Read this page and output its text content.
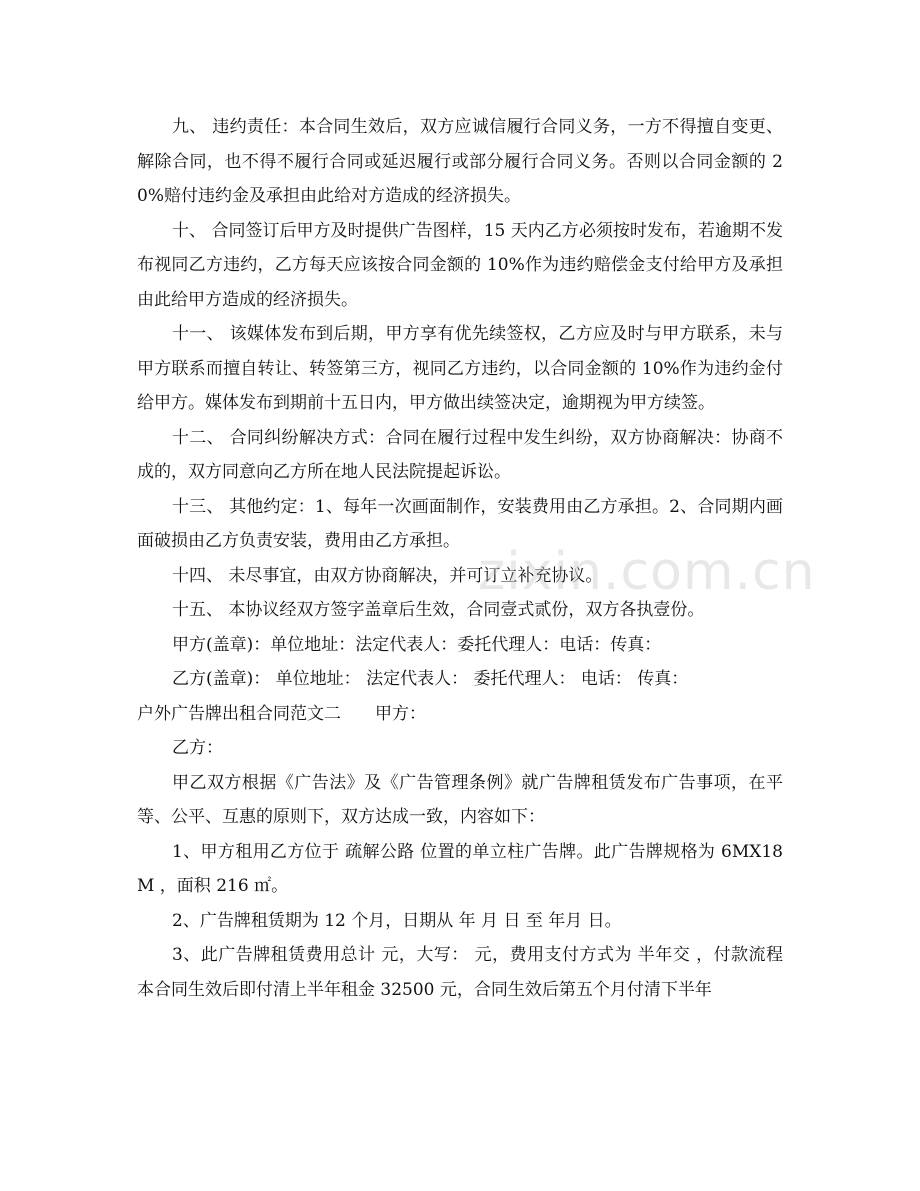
九、 违约责任：本合同生效后，双方应诚信履行合同义务，一方不得擅自变更、解除合同，也不得不履行合同或延迟履行或部分履行合同义务。否则以合同金额的 20%赔付违约金及承担由此给对方造成的经济损失。

十、 合同签订后甲方及时提供广告图样，15 天内乙方必须按时发布，若逾期不发布视同乙方违约，乙方每天应该按合同金额的 10%作为违约赔偿金支付给甲方及承担由此给甲方造成的经济损失。

十一、 该媒体发布到后期，甲方享有优先续签权，乙方应及时与甲方联系，未与甲方联系而擅自转让、转签第三方，视同乙方违约，以合同金额的 10%作为违约金付给甲方。媒体发布到期前十五日内，甲方做出续签决定，逾期视为甲方续签。

十二、 合同纠纷解决方式：合同在履行过程中发生纠纷，双方协商解决：协商不成的，双方同意向乙方所在地人民法院提起诉讼。

十三、 其他约定：1、每年一次画面制作，安装费用由乙方承担。2、合同期内画面破损由乙方负责安装，费用由乙方承担。

十四、 未尽事宜，由双方协商解决，并可订立补充协议。

十五、 本协议经双方签字盖章后生效，合同壹式贰份，双方各执壹份。

甲方(盖章)：单位地址：法定代表人：委托代理人：电话：传真：

乙方(盖章)： 单位地址： 法定代表人： 委托代理人： 电话： 传真：

户外广告牌出租合同范文二 甲方：

乙方：

甲乙双方根据《广告法》及《广告管理条例》就广告牌租赁发布广告事项，在平等、公平、互惠的原则下，双方达成一致，内容如下：

1、甲方租用乙方位于 疏解公路 位置的单立柱广告牌。此广告牌规格为 6MX18M ，面积 216 ㎡。

2、广告牌租赁期为 12 个月，日期从 年 月 日 至 年月 日。

3、此广告牌租赁费用总计 元，大写： 元，费用支付方式为 半年交 ，付款流程 本合同生效后即付清上半年租金 32500 元，合同生效后第五个月付清下半年

zixin.com.cn
